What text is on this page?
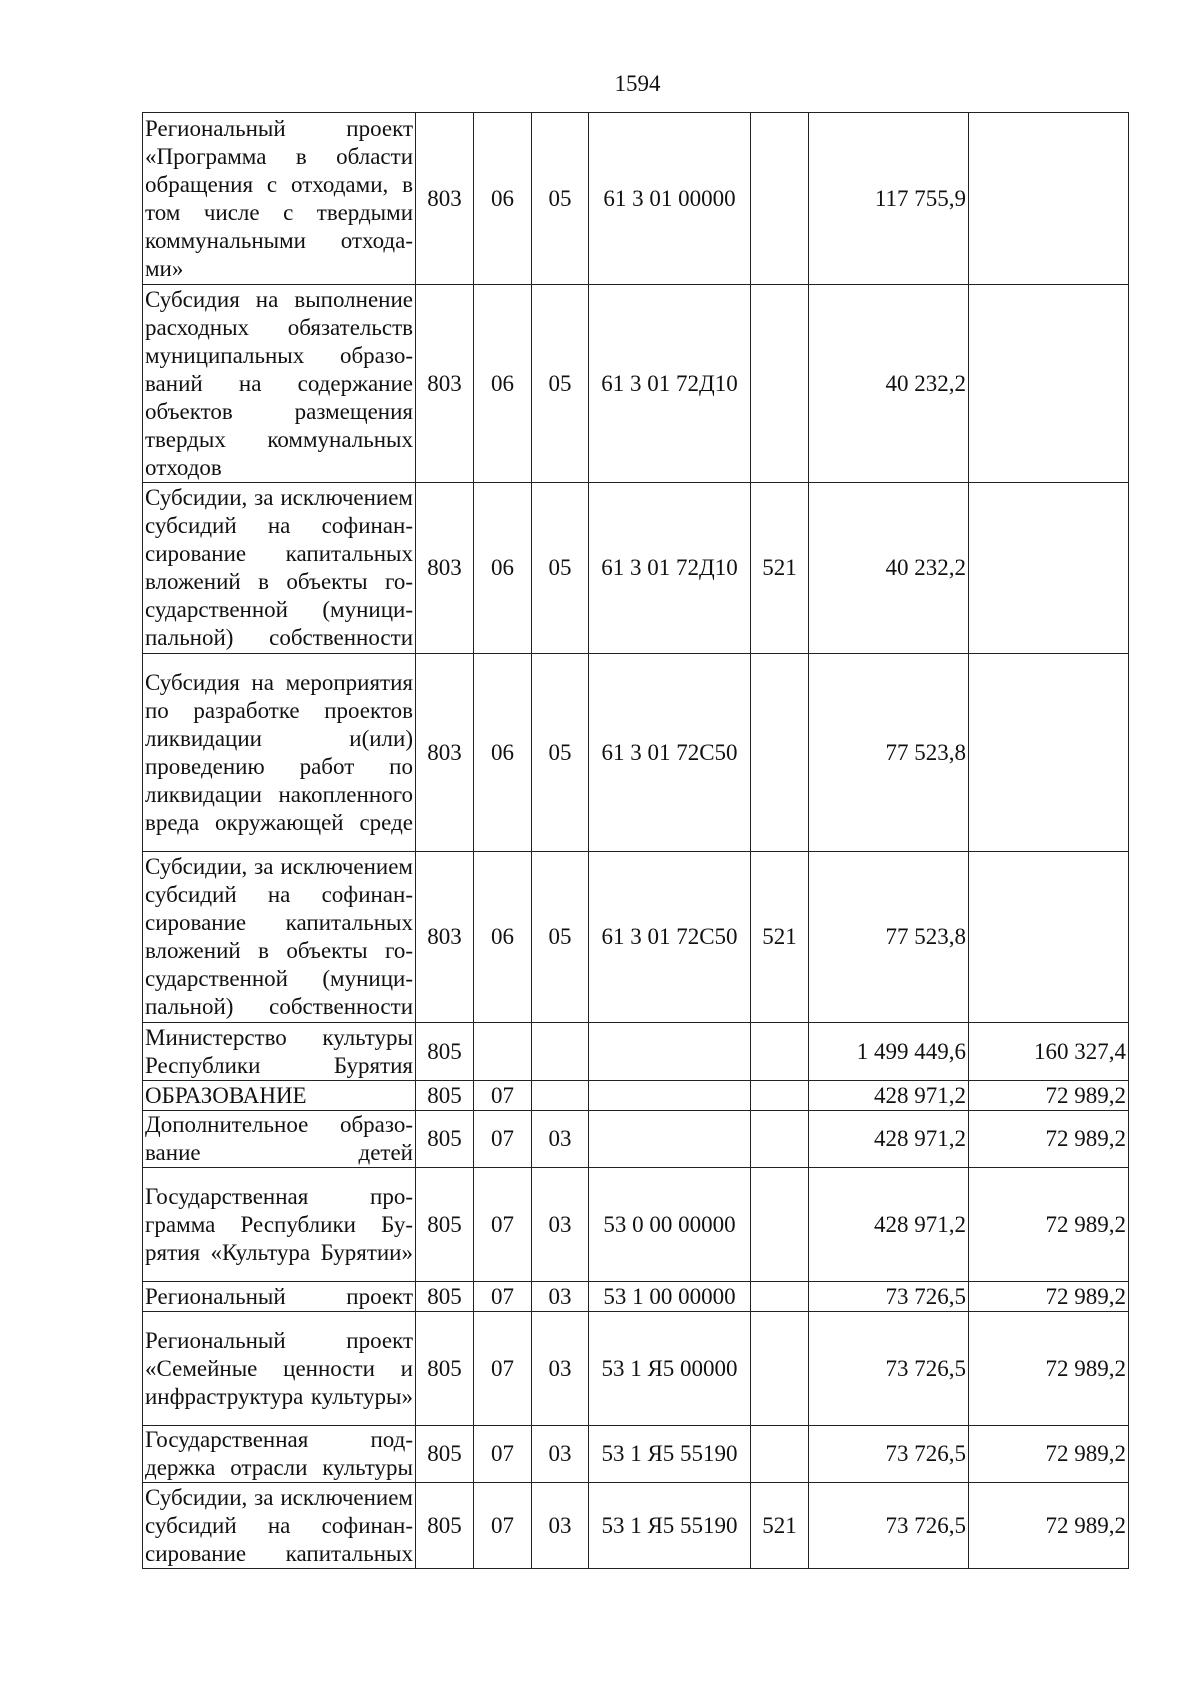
1594
Региональный проект «Программа в области обращения с отходами, в том числе с твердыми коммунальными отходами»	803	06	05	61 3 01 00000		117 755,9	
Субсидия на выполнение расходных обязательств муниципальных образований на содержание объектов размещения твердых коммунальных отходов	803	06	05	61 3 01 72Д10		40 232,2	
Субсидии, за исключением субсидий на софинансирование капитальных вложений в объекты государственной (муниципальной) собственности	803	06	05	61 3 01 72Д10	521	40 232,2	
Субсидия на мероприятия по разработке проектов ликвидации и(или) проведению работ по ликвидации накопленного вреда окружающей среде	803	06	05	61 3 01 72С50		77 523,8	
Субсидии, за исключением субсидий на софинансирование капитальных вложений в объекты государственной (муниципальной) собственности	803	06	05	61 3 01 72С50	521	77 523,8	
Министерство культуры Республики Бурятия	805					1 499 449,6	160 327,4
ОБРАЗОВАНИЕ	805	07				428 971,2	72 989,2
Дополнительное образование детей	805	07	03			428 971,2	72 989,2
Государственная программа Республики Бурятия «Культура Бурятии»	805	07	03	53 0 00 00000		428 971,2	72 989,2
Региональный проект	805	07	03	53 1 00 00000		73 726,5	72 989,2
Региональный проект «Семейные ценности и инфраструктура культуры»	805	07	03	53 1 Я5 00000		73 726,5	72 989,2
Государственная поддержка отрасли культуры	805	07	03	53 1 Я5 55190		73 726,5	72 989,2
Субсидии, за исключением субсидий на софинансирование капитальных	805	07	03	53 1 Я5 55190	521	73 726,5	72 989,2
